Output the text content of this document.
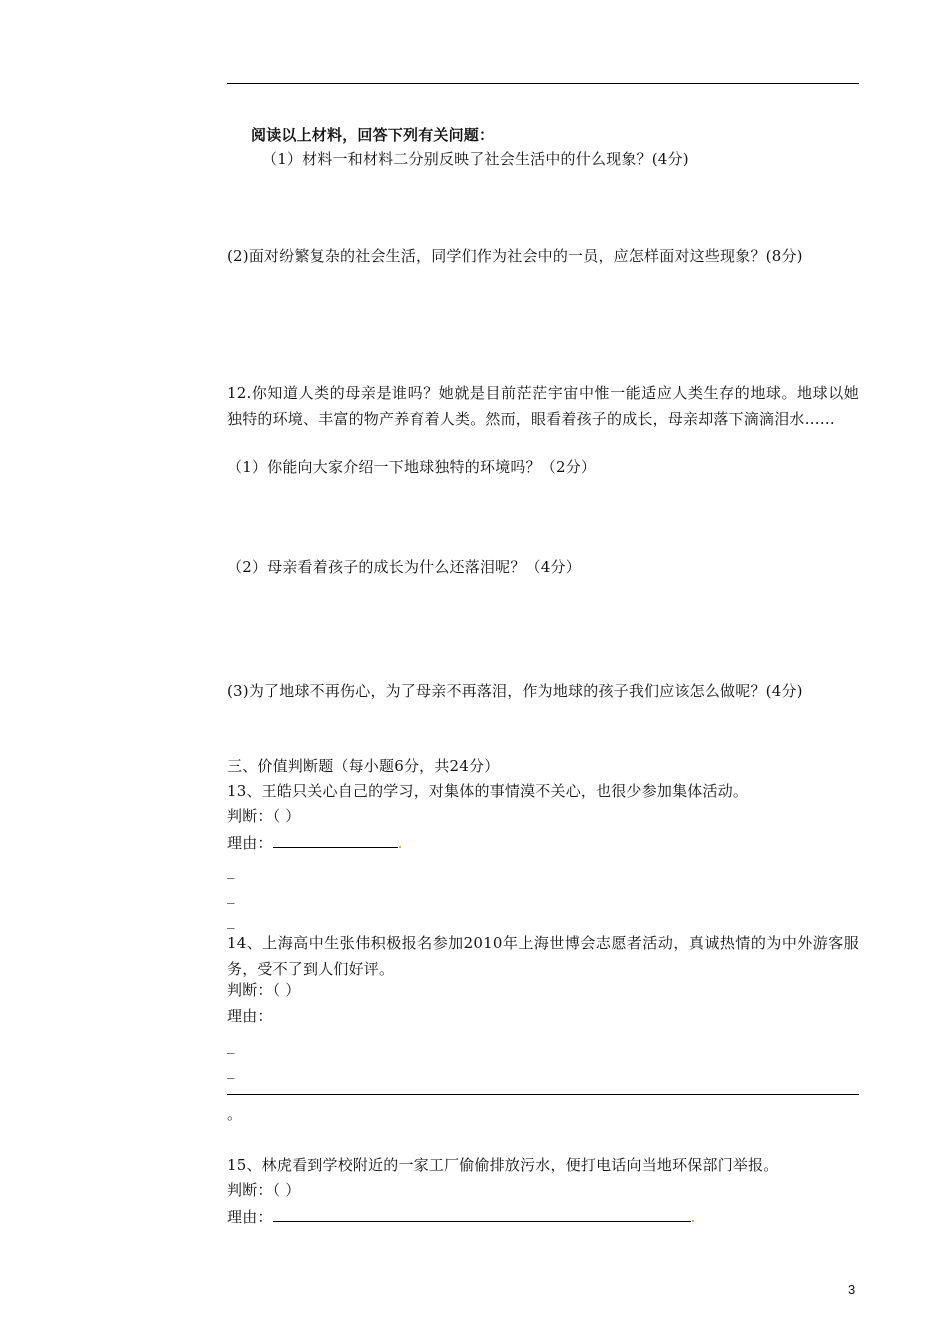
阅读以上材料，回答下列有关问题：
（1）材料一和材料二分别反映了社会生活中的什么现象？(4分)
(2)面对纷繁复杂的社会生活，同学们作为社会中的一员，应怎样面对这些现象？(8分)
12.你知道人类的母亲是谁吗？她就是目前茫茫宇宙中惟一能适应人类生存的地球。地球以她独特的环境、丰富的物产养育着人类。然而，眼看着孩子的成长，母亲却落下滴滴泪水……
（1）你能向大家介绍一下地球独特的环境吗？（2分）
（2）母亲看着孩子的成长为什么还落泪呢？（4分）
(3)为了地球不再伤心，为了母亲不再落泪，作为地球的孩子我们应该怎么做呢？(4分)
三、价值判断题（每小题6分，共24分）
13、王皓只关心自己的学习，对集体的事情漠不关心，也很少参加集体活动。
判断：（ ）
理由：	.
_
_
_
14、上海高中生张伟积极报名参加2010年上海世博会志愿者活动，真诚热情的为中外游客服务，受不了到人们好评。
判断：（ ）
理由：
_
_
。
15、林虎看到学校附近的一家工厂偷偷排放污水，便打电话向当地环保部门举报。
判断：（ ）
理由：	.
3
